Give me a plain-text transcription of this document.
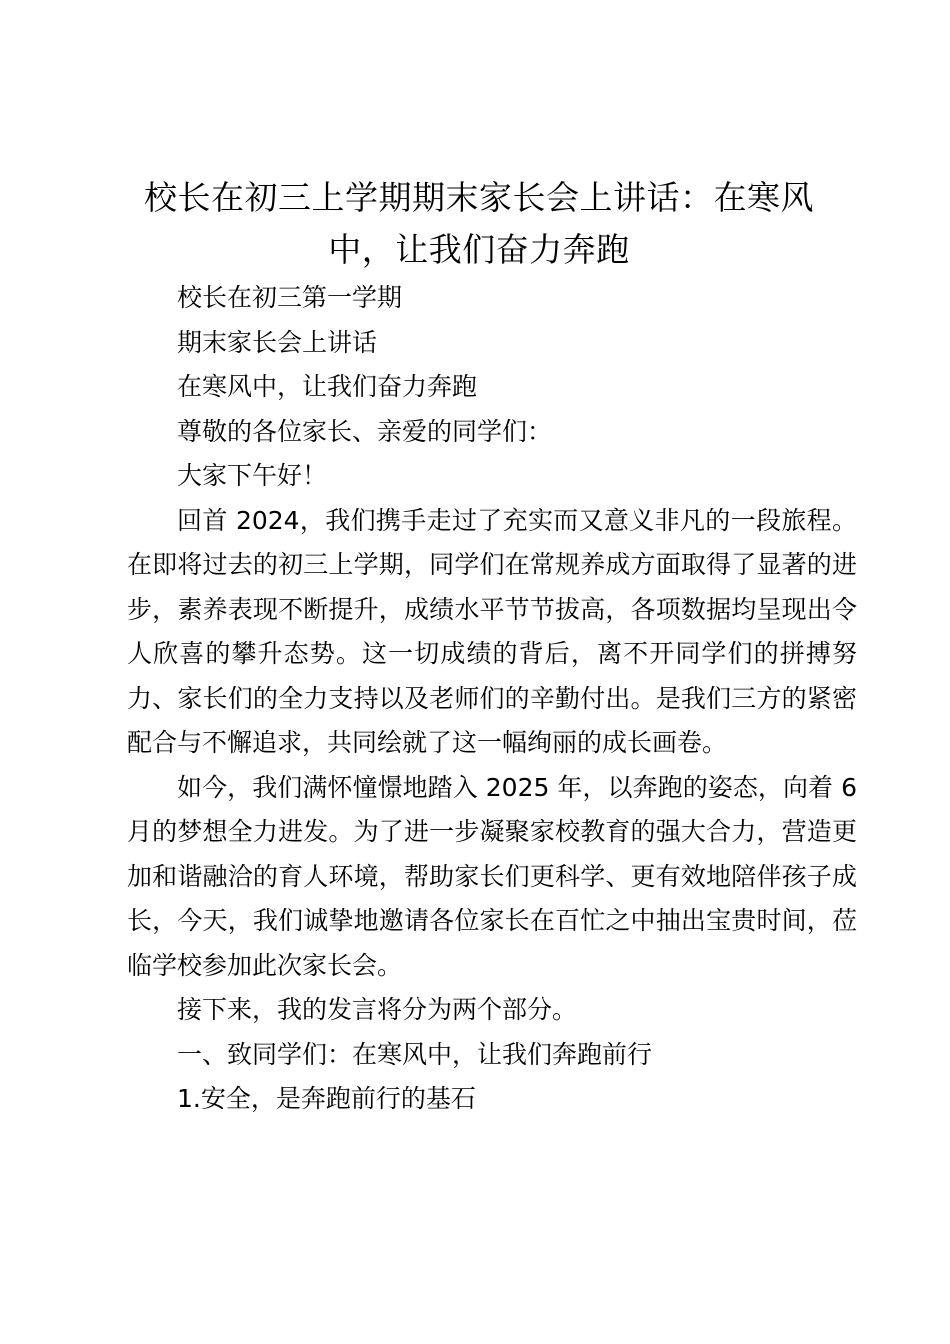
校长在初三上学期期末家长会上讲话：在寒风中，让我们奋力奔跑

校长在初三第一学期

期末家长会上讲话

在寒风中，让我们奋力奔跑

尊敬的各位家长、亲爱的同学们：

大家下午好！

回首 2024，我们携手走过了充实而又意义非凡的一段旅程。在即将过去的初三上学期，同学们在常规养成方面取得了显著的进步，素养表现不断提升，成绩水平节节拔高，各项数据均呈现出令人欣喜的攀升态势。这一切成绩的背后，离不开同学们的拼搏努力、家长们的全力支持以及老师们的辛勤付出。是我们三方的紧密配合与不懈追求，共同绘就了这一幅绚丽的成长画卷。

如今，我们满怀憧憬地踏入 2025 年，以奔跑的姿态，向着 6 月的梦想全力进发。为了进一步凝聚家校教育的强大合力，营造更加和谐融洽的育人环境，帮助家长们更科学、更有效地陪伴孩子成长，今天，我们诚挚地邀请各位家长在百忙之中抽出宝贵时间，莅临学校参加此次家长会。

接下来，我的发言将分为两个部分。

一、致同学们：在寒风中，让我们奔跑前行

1.安全，是奔跑前行的基石
